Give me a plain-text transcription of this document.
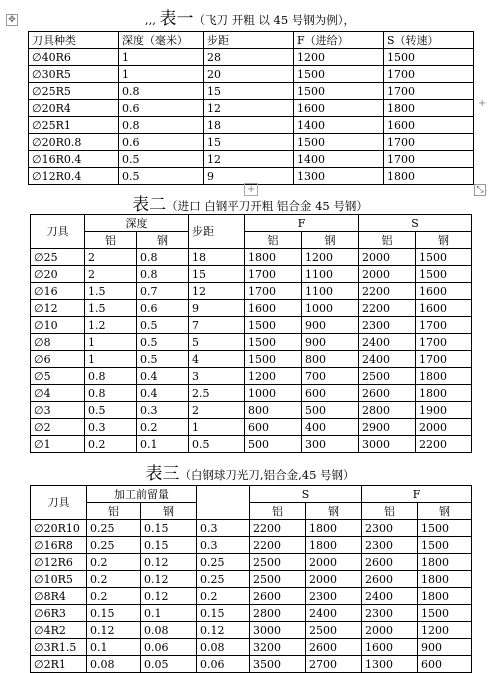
✥	,,, 表一（飞刀 开粗 以 45 号钢为例），
刀具种类	深度（毫米）	步距	F（进给）	S（转速）
∅40R6	1	28	1200	1500
∅30R5	1	20	1500	1700
∅25R5	0.8	15	1500	1700
∅20R4	0.6	12	1600	1800
∅25R1	0.8	18	1400	1600
∅20R0.8	0.6	15	1500	1700
∅16R0.4	0.5	12	1400	1700
∅12R0.4	0.5	9	1300	1800
+
+	⤡
表二（进口 白钢平刀开粗 铝合金 45 号钢）
刀具	深度		步距	F		S	
	铝	钢		铝	钢	铝	钢
∅25	2	0.8	18	1800	1200	2000	1500
∅20	2	0.8	15	1700	1100	2000	1500
∅16	1.5	0.7	12	1700	1100	2200	1600
∅12	1.5	0.6	9	1600	1000	2200	1600
∅10	1.2	0.5	7	1500	900	2300	1700
∅8	1	0.5	5	1500	900	2400	1700
∅6	1	0.5	4	1500	800	2400	1700
∅5	0.8	0.4	3	1200	700	2500	1800
∅4	0.8	0.4	2.5	1000	600	2600	1800
∅3	0.5	0.3	2	800	500	2800	1900
∅2	0.3	0.2	1	600	400	2900	2000
∅1	0.2	0.1	0.5	500	300	3000	2200
表三（白钢球刀光刀,铝合金,45 号钢）
刀具	加工前留量			S		F	
	铝	钢		铝	钢	铝	钢
∅20R10	0.25	0.15	0.3	2200	1800	2300	1500
∅16R8	0.25	0.15	0.3	2200	1800	2300	1500
∅12R6	0.2	0.12	0.25	2500	2000	2600	1800
∅10R5	0.2	0.12	0.25	2500	2000	2600	1800
∅8R4	0.2	0.12	0.2	2600	2300	2400	1800
∅6R3	0.15	0.1	0.15	2800	2400	2300	1500
∅4R2	0.12	0.08	0.12	3000	2500	2000	1200
∅3R1.5	0.1	0.06	0.08	3200	2600	1600	900
∅2R1	0.08	0.05	0.06	3500	2700	1300	600
